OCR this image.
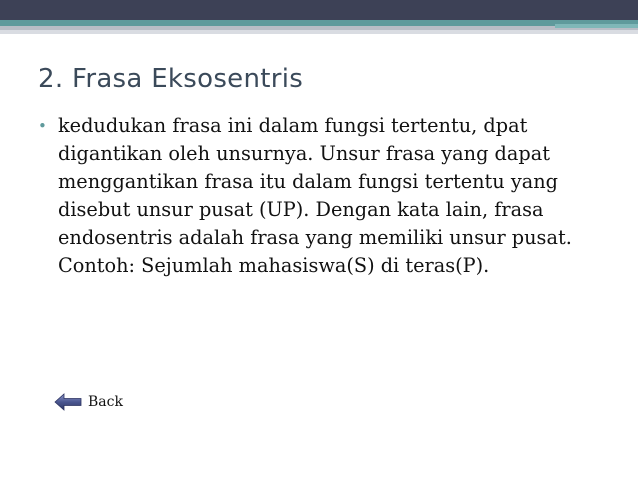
2. Frasa Eksosentris
• kedudukan frasa ini dalam fungsi tertentu, dpat digantikan oleh unsurnya. Unsur frasa yang dapat menggantikan frasa itu dalam fungsi tertentu yang disebut unsur pusat (UP). Dengan kata lain, frasa endosentris adalah frasa yang memiliki unsur pusat.
Contoh: Sejumlah mahasiswa(S) di teras(P).
Back
